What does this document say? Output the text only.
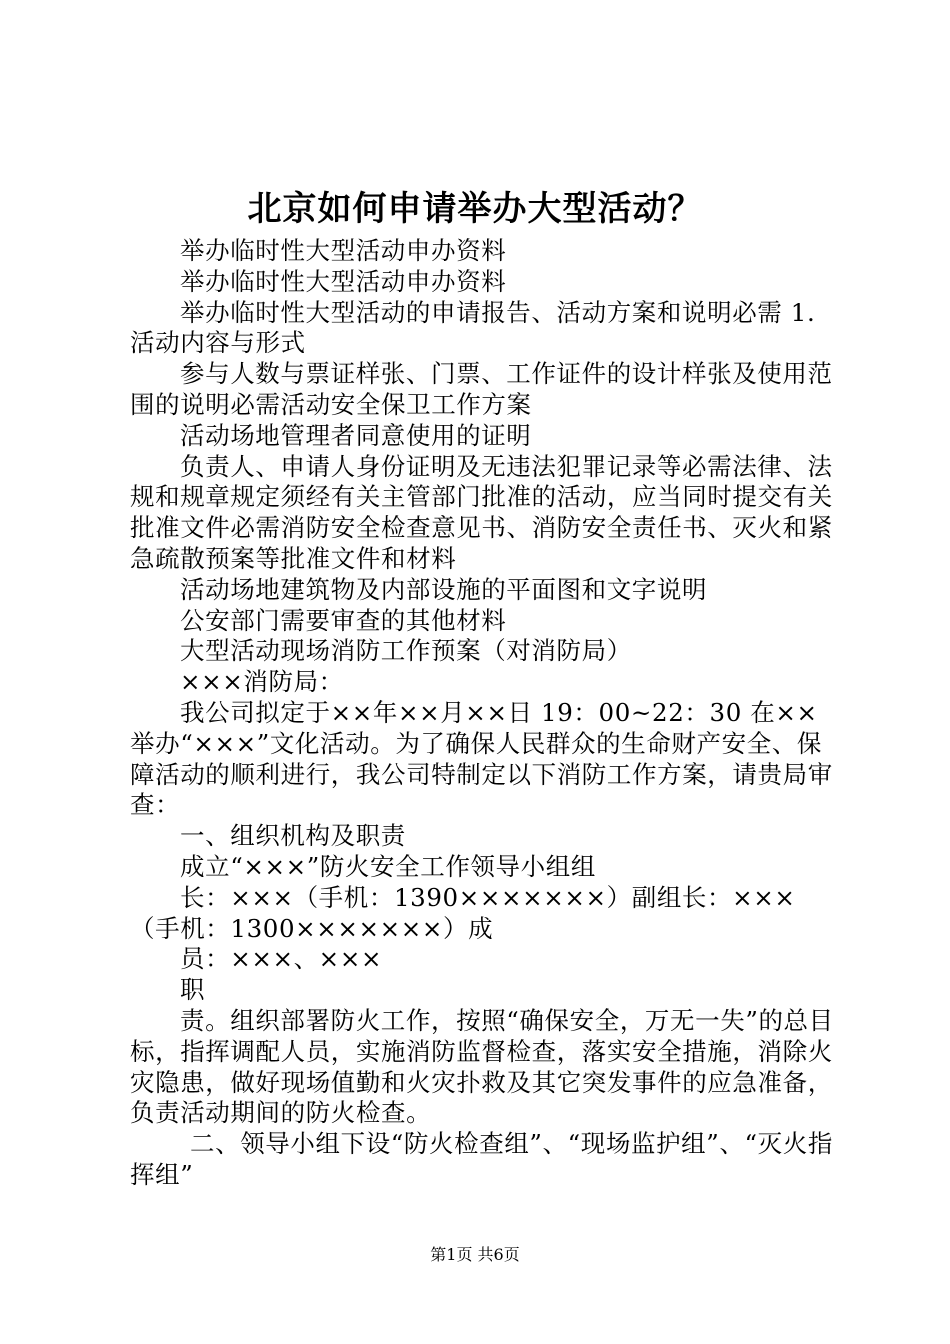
北京如何申请举办大型活动？

举办临时性大型活动申办资料

举办临时性大型活动申办资料

举办临时性大型活动的申请报告、活动方案和说明必需 1.活动内容与形式

参与人数与票证样张、门票、工作证件的设计样张及使用范围的说明必需活动安全保卫工作方案

活动场地管理者同意使用的证明

负责人、申请人身份证明及无违法犯罪记录等必需法律、法规和规章规定须经有关主管部门批准的活动，应当同时提交有关批准文件必需消防安全检查意见书、消防安全责任书、灭火和紧急疏散预案等批准文件和材料

活动场地建筑物及内部设施的平面图和文字说明

公安部门需要审查的其他材料

大型活动现场消防工作预案（对消防局）

×××消防局：

我公司拟定于××年××月××日 19：00~22：30 在××举办“×××”文化活动。为了确保人民群众的生命财产安全、保障活动的顺利进行，我公司特制定以下消防工作方案，请贵局审查：

一、组织机构及职责

成立“×××”防火安全工作领导小组组

长：×××（手机：1390×××××××）副组长：×××（手机：1300×××××××）成

员：×××、×××

职

责。组织部署防火工作，按照“确保安全，万无一失”的总目标，指挥调配人员，实施消防监督检查，落实安全措施，消除火灾隐患，做好现场值勤和火灾扑救及其它突发事件的应急准备，负责活动期间的防火检查。

二、领导小组下设“防火检查组”、“现场监护组”、“灭火指挥组”

第1页 共6页
